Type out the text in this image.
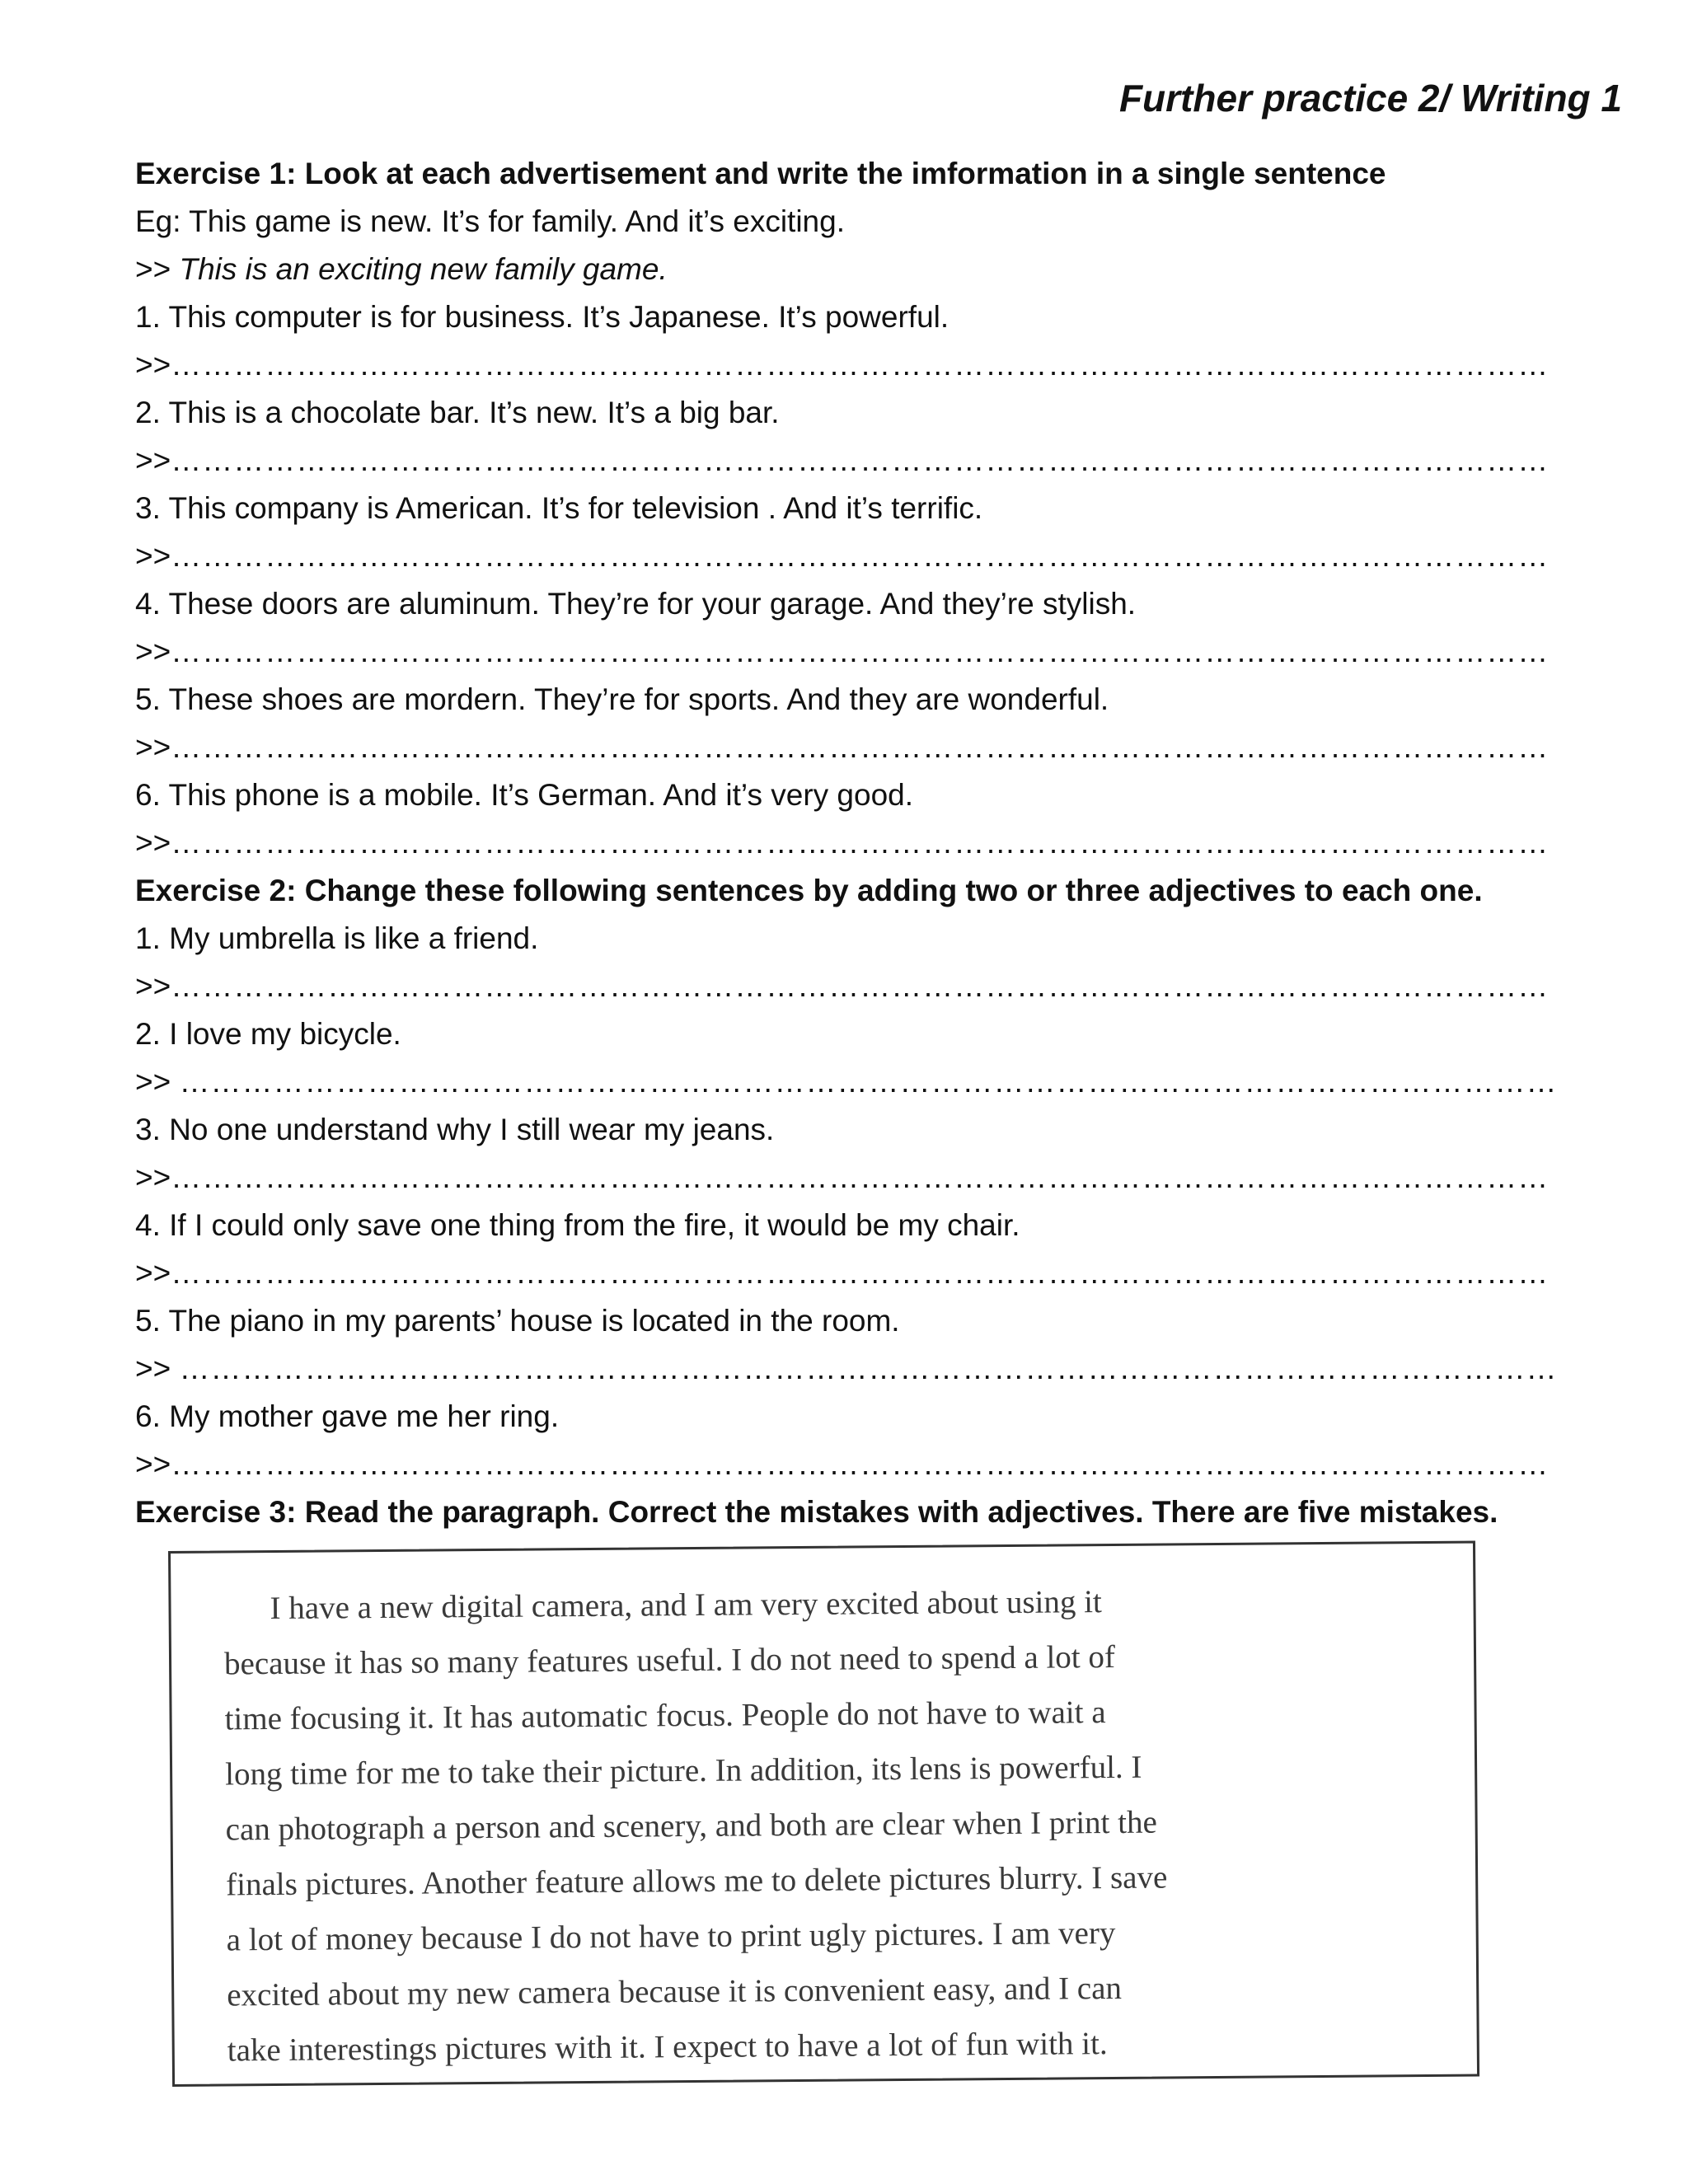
Further practice 2/ Writing 1
Exercise 1: Look at each advertisement and write the imformation in a single sentence
Eg: This game is new. It’s for family. And it’s exciting.
>> This is an exciting new family game.
1. This computer is for business. It’s Japanese. It’s powerful.
>>
……………………………………………………………………………………………………………………………………………………………………………………………………………………………………………
2. This is a chocolate bar. It’s new. It’s a big bar.
>>
……………………………………………………………………………………………………………………………………………………………………………………………………………………………………………
3. This company is American. It’s for television . And it’s terrific.
>>
……………………………………………………………………………………………………………………………………………………………………………………………………………………………………………
4. These doors are aluminum. They’re for your garage. And they’re stylish.
>>
……………………………………………………………………………………………………………………………………………………………………………………………………………………………………………
5. These shoes are mordern. They’re for sports. And they are wonderful.
>>
……………………………………………………………………………………………………………………………………………………………………………………………………………………………………………
6. This phone is a mobile. It’s German. And it’s very good.
>>
……………………………………………………………………………………………………………………………………………………………………………………………………………………………………………
Exercise 2: Change these following sentences by adding two or three adjectives to each one.
1. My umbrella is like a friend.
>>
……………………………………………………………………………………………………………………………………………………………………………………………………………………………………………
2. I love my bicycle.
>>
……………………………………………………………………………………………………………………………………………………………………………………………………………………………………………
3. No one understand why I still wear my jeans.
>>
……………………………………………………………………………………………………………………………………………………………………………………………………………………………………………
4. If I could only save one thing from the fire, it would be my chair.
>>
……………………………………………………………………………………………………………………………………………………………………………………………………………………………………………
5. The piano in my parents’ house is located in the room.
>>
……………………………………………………………………………………………………………………………………………………………………………………………………………………………………………
6. My mother gave me her ring.
>>
……………………………………………………………………………………………………………………………………………………………………………………………………………………………………………
Exercise 3: Read the paragraph. Correct the mistakes with adjectives. There are five mistakes.
I have a new digital camera, and I am very excited about using it
because it has so many features useful. I do not need to spend a lot of
time focusing it. It has automatic focus. People do not have to wait a
long time for me to take their picture. In addition, its lens is powerful. I
can photograph a person and scenery, and both are clear when I print the
finals pictures. Another feature allows me to delete pictures blurry. I save
a lot of money because I do not have to print ugly pictures. I am very
excited about my new camera because it is convenient easy, and I can
take interestings pictures with it. I expect to have a lot of fun with it.
